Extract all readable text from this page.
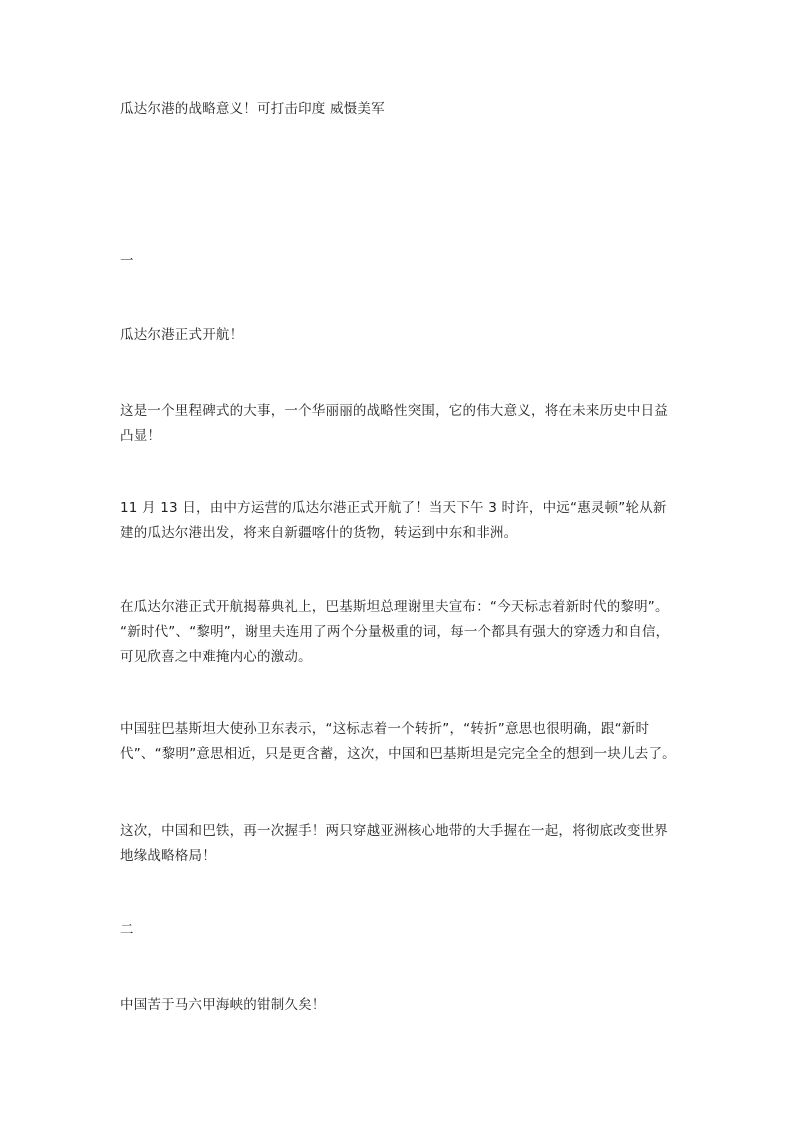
瓜达尔港的战略意义！可打击印度 威慑美军
一
瓜达尔港正式开航！
这是一个里程碑式的大事，一个华丽丽的战略性突围，它的伟大意义，将在未来历史中日益
凸显！
11 月 13 日，由中方运营的瓜达尔港正式开航了！当天下午 3 时许，中远“惠灵顿”轮从新
建的瓜达尔港出发，将来自新疆喀什的货物，转运到中东和非洲。
在瓜达尔港正式开航揭幕典礼上，巴基斯坦总理谢里夫宣布：“今天标志着新时代的黎明”。
“新时代”、“黎明”，谢里夫连用了两个分量极重的词，每一个都具有强大的穿透力和自信，
可见欣喜之中难掩内心的激动。
中国驻巴基斯坦大使孙卫东表示，“这标志着一个转折”，“转折”意思也很明确，跟“新时
代”、“黎明”意思相近，只是更含蓄，这次，中国和巴基斯坦是完完全全的想到一块儿去了。
这次，中国和巴铁，再一次握手！两只穿越亚洲核心地带的大手握在一起，将彻底改变世界
地缘战略格局！
二
中国苦于马六甲海峡的钳制久矣！
